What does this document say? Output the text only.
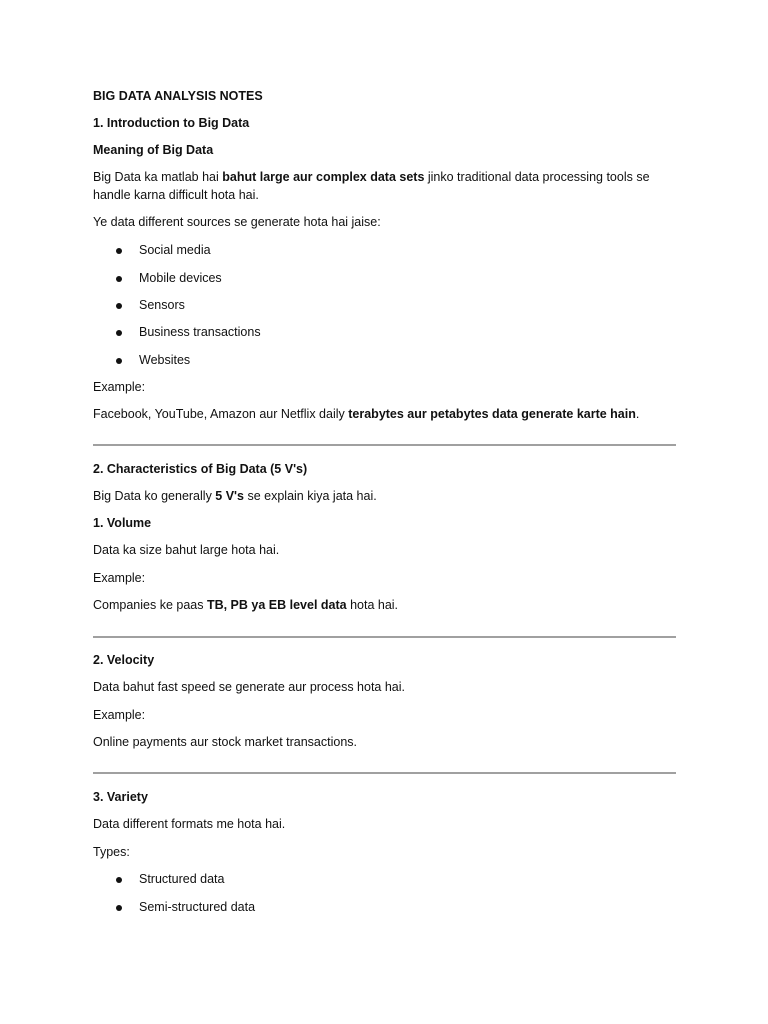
BIG DATA ANALYSIS NOTES

1. Introduction to Big Data

Meaning of Big Data

Big Data ka matlab hai bahut large aur complex data sets jinko traditional data processing tools se

handle karna difficult hota hai.

Ye data different sources se generate hota hai jaise:

Social media

Mobile devices

Sensors

Business transactions

Websites

Example:

Facebook, YouTube, Amazon aur Netflix daily terabytes aur petabytes data generate karte hain.

2. Characteristics of Big Data (5 V's)

Big Data ko generally 5 V's se explain kiya jata hai.

1. Volume

Data ka size bahut large hota hai.

Example:

Companies ke paas TB, PB ya EB level data hota hai.

2. Velocity

Data bahut fast speed se generate aur process hota hai.

Example:

Online payments aur stock market transactions.

3. Variety

Data different formats me hota hai.

Types:

Structured data

Semi-structured data
